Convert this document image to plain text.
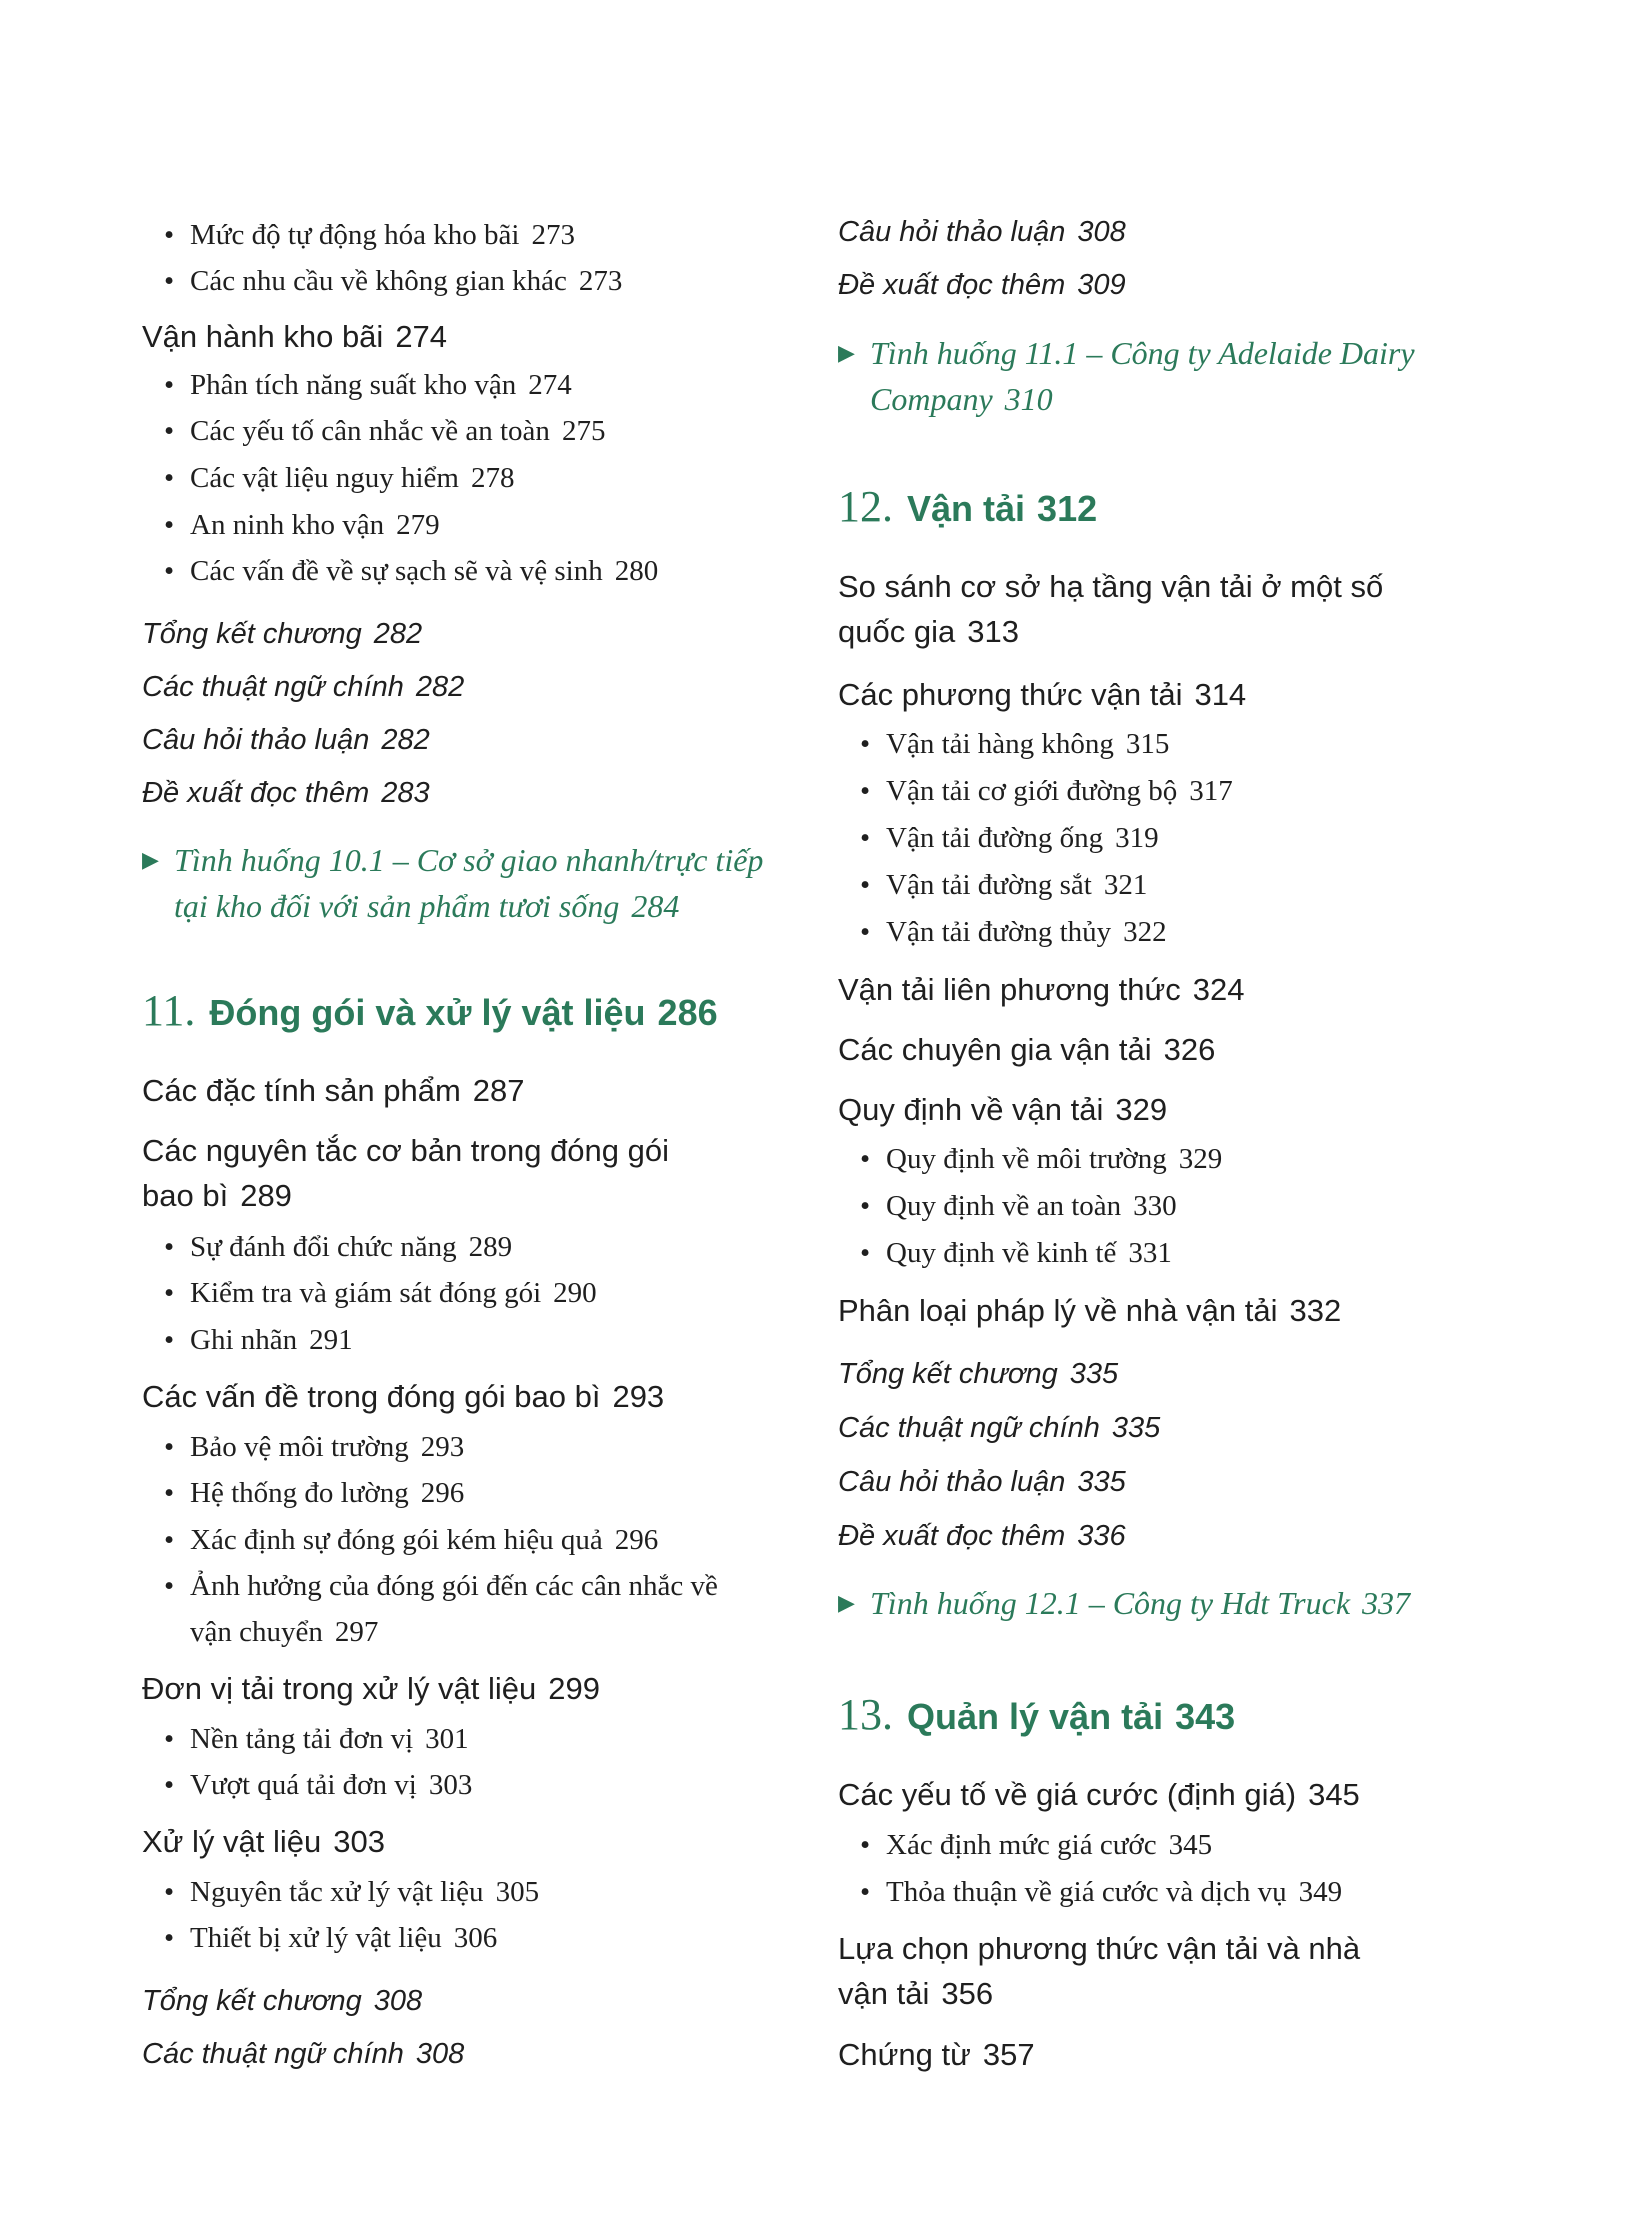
• Mức độ tự động hóa kho bãi 273
• Các nhu cầu về không gian khác 273
Vận hành kho bãi 274
• Phân tích năng suất kho vận 274
• Các yếu tố cân nhắc về an toàn 275
• Các vật liệu nguy hiểm 278
• An ninh kho vận 279
• Các vấn đề về sự sạch sẽ và vệ sinh 280
Tổng kết chương 282
Các thuật ngữ chính 282
Câu hỏi thảo luận 282
Đề xuất đọc thêm 283
▶ Tình huống 10.1 – Cơ sở giao nhanh/trực tiếp
tại kho đối với sản phẩm tươi sống 284
11. Đóng gói và xử lý vật liệu 286
Các đặc tính sản phẩm 287
Các nguyên tắc cơ bản trong đóng gói
bao bì 289
• Sự đánh đổi chức năng 289
• Kiểm tra và giám sát đóng gói 290
• Ghi nhãn 291
Các vấn đề trong đóng gói bao bì 293
• Bảo vệ môi trường 293
• Hệ thống đo lường 296
• Xác định sự đóng gói kém hiệu quả 296
• Ảnh hưởng của đóng gói đến các cân nhắc về
vận chuyển 297
Đơn vị tải trong xử lý vật liệu 299
• Nền tảng tải đơn vị 301
• Vượt quá tải đơn vị 303
Xử lý vật liệu 303
• Nguyên tắc xử lý vật liệu 305
• Thiết bị xử lý vật liệu 306
Tổng kết chương 308
Các thuật ngữ chính 308
Câu hỏi thảo luận 308
Đề xuất đọc thêm 309
▶ Tình huống 11.1 – Công ty Adelaide Dairy
Company 310
12. Vận tải 312
So sánh cơ sở hạ tầng vận tải ở một số
quốc gia 313
Các phương thức vận tải 314
• Vận tải hàng không 315
• Vận tải cơ giới đường bộ 317
• Vận tải đường ống 319
• Vận tải đường sắt 321
• Vận tải đường thủy 322
Vận tải liên phương thức 324
Các chuyên gia vận tải 326
Quy định về vận tải 329
• Quy định về môi trường 329
• Quy định về an toàn 330
• Quy định về kinh tế 331
Phân loại pháp lý về nhà vận tải 332
Tổng kết chương 335
Các thuật ngữ chính 335
Câu hỏi thảo luận 335
Đề xuất đọc thêm 336
▶ Tình huống 12.1 – Công ty Hdt Truck 337
13. Quản lý vận tải 343
Các yếu tố về giá cước (định giá) 345
• Xác định mức giá cước 345
• Thỏa thuận về giá cước và dịch vụ 349
Lựa chọn phương thức vận tải và nhà
vận tải 356
Chứng từ 357
